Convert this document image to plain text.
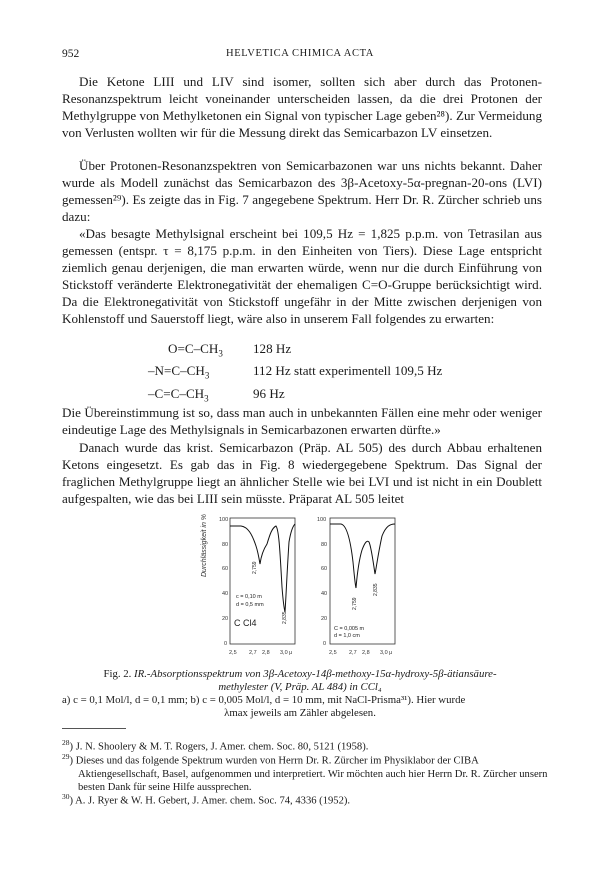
952	HELVETICA CHIMICA ACTA

Die Ketone LIII und LIV sind isomer, sollten sich aber durch das Protonen-Resonanzspektrum leicht voneinander unterscheiden lassen, da die drei Protonen der Methylgruppe von Methylketonen ein Signal von typischer Lage geben²⁸). Zur Vermeidung von Verlusten wollten wir für die Messung direkt das Semicarbazon LV einsetzen.

Über Protonen-Resonanzspektren von Semicarbazonen war uns nichts bekannt. Daher wurde als Modell zunächst das Semicarbazon des 3β-Acetoxy-5α-pregnan-20-ons (LVI) gemessen²⁹). Es zeigte das in Fig. 7 angegebene Spektrum. Herr Dr. R. Zürcher schrieb uns dazu:

«Das besagte Methylsignal erscheint bei 109,5 Hz = 1,825 p.p.m. von Tetrasilan aus gemessen (entspr. τ = 8,175 p.p.m. in den Einheiten von Tiers). Diese Lage entspricht ziemlich genau derjenigen, die man erwarten würde, wenn nur die durch Einführung von Stickstoff veränderte Elektronegativität der ehemaligen C=O-Gruppe berücksichtigt wird. Da die Elektronegativität von Stickstoff ungefähr in der Mitte zwischen derjenigen von Kohlenstoff und Sauerstoff liegt, wäre also in unserem Fall folgendes zu erwarten:

$O=C-CH_3$ 128 Hz
$-N=C-CH_3$	112 Hz statt experimentell 109,5 Hz
$-C=C-CH_3$	96 Hz

Die Übereinstimmung ist so, dass man auch in unbekannten Fällen eine mehr oder weniger eindeutige Lage des Methylsignals in Semicarbazonen erwarten dürfte.»

Danach wurde das krist. Semicarbazon (Präp. AL 505) des durch Abbau erhaltenen Ketons eingesetzt. Es gab das in Fig. 8 wiedergegebene Spektrum. Das Signal der fraglichen Methylgruppe liegt an ähnlicher Stelle wie bei LVI und ist nicht in ein Doublett aufgespalten, wie das bei LIII sein müsste. Präparat AL 505 leitet

Durchlässigkeit in % 100
80
60
40
20
0
2,759
2,835
c = 0,10 m
d = 0,5 mm
C Cl4
2,5 2,7 2,8 3,0 μ
100
80
60
40
20
0
2,759
2,835
C = 0,005 m
d = 1,0 cm
2,5 2,7 2,8 3,0 μ
Fig. 2. IR.-Absorptionsspektrum von 3β-Acetoxy-14β-methoxy-15α-hydroxy-5β-ätiansäure-
methylester (V, Präp. AL 484) in CCl₄
a) c = 0,1 Mol/l, d = 0,1 mm; b) c = 0,005 Mol/l, d = 10 mm, mit NaCl-Prisma³¹). Hier wurde
λmax jeweils am Zähler abgelesen.

$^{28}$) J. N. Shoolery & M. T. Rogers, J. Amer. chem. Soc. 80, 5121 (1958).

$^{29}$) Dieses und das folgende Spektrum wurden von Herrn Dr. R. Zürcher im Physiklabor der CIBA Aktiengesellschaft, Basel, aufgenommen und interpretiert. Wir möchten auch hier Herrn Dr. R. Zürcher unsern besten Dank für seine Hilfe aussprechen.

$^{30}$) A. J. Ryer & W. H. Gebert, J. Amer. chem. Soc. 74, 4336 (1952).
